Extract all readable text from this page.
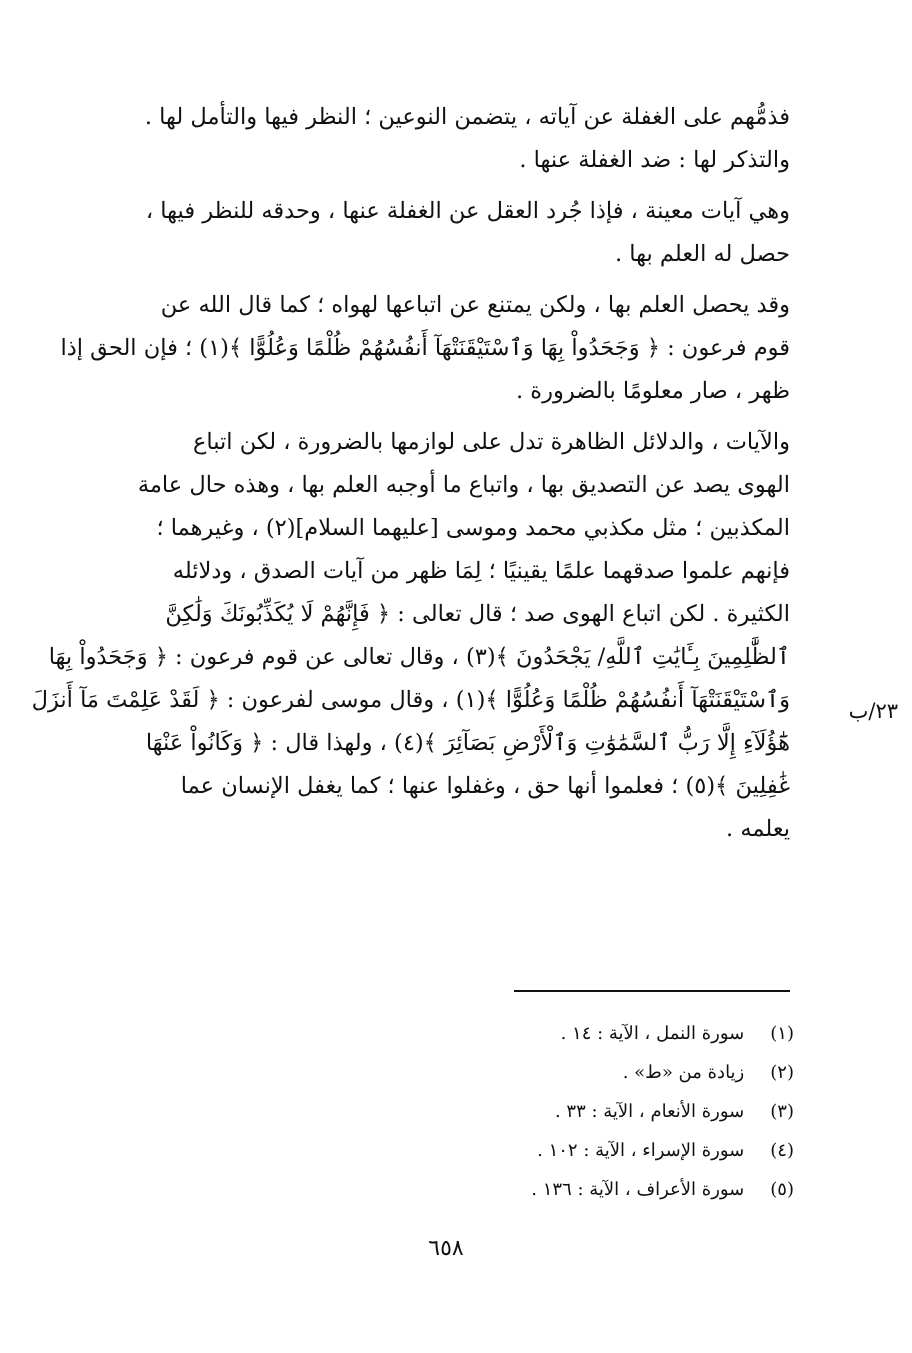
فذمُّهم على الغفلة عن آياته ، يتضمن النوعين ؛ النظر فيها والتأمل لها .
والتذكر لها : ضد الغفلة عنها .

وهي آيات معينة ، فإذا جُرد العقل عن الغفلة عنها ، وحدقه للنظر فيها ،
حصل له العلم بها .

وقد يحصل العلم بها ، ولكن يمتنع عن اتباعها لهواه ؛ كما قال الله عن
قوم فرعون : ﴿ وَجَحَدُواْ بِهَا وَٱسْتَيْقَنَتْهَآ أَنفُسُهُمْ ظُلْمًا وَعُلُوًّا ﴾(١) ؛ فإن الحق إذا
ظهر ، صار معلومًا بالضرورة .

والآيات ، والدلائل الظاهرة تدل على لوازمها بالضرورة ، لكن اتباع
الهوى يصد عن التصديق بها ، واتباع ما أوجبه العلم بها ، وهذه حال عامة
المكذبين ؛ مثل مكذبي محمد وموسى [عليهما السلام](٢) ، وغيرهما ؛
فإنهم علموا صدقهما علمًا يقينيًا ؛ لِمَا ظهر من آيات الصدق ، ودلائله
الكثيرة . لكن اتباع الهوى صد ؛ قال تعالى : ﴿ فَإِنَّهُمْ لَا يُكَذِّبُونَكَ وَلَٰكِنَّ
ٱلظَّٰلِمِينَ بِـَٔايَٰتِ ٱللَّهِ/ يَجْحَدُونَ ﴾(٣) ، وقال تعالى عن قوم فرعون : ﴿ وَجَحَدُواْ بِهَا
وَٱسْتَيْقَنَتْهَآ أَنفُسُهُمْ ظُلْمًا وَعُلُوًّا ﴾(١) ، وقال موسى لفرعون : ﴿ لَقَدْ عَلِمْتَ مَآ أَنزَلَ
هَٰٓؤُلَآءِ إِلَّا رَبُّ ٱلسَّمَٰوَٰتِ وَٱلْأَرْضِ بَصَآئِرَ ﴾(٤) ، ولهذا قال : ﴿ وَكَانُواْ عَنْهَا
غَٰفِلِينَ ﴾(٥) ؛ فعلموا أنها حق ، وغفلوا عنها ؛ كما يغفل الإنسان عما
يعلمه .

٢٣/ب
(١) سورة النمل ، الآية : ١٤ .
(٢) زيادة من «ط» .
(٣) سورة الأنعام ، الآية : ٣٣ .
(٤) سورة الإسراء ، الآية : ١٠٢ .
(٥) سورة الأعراف ، الآية : ١٣٦ .
٦٥٨
